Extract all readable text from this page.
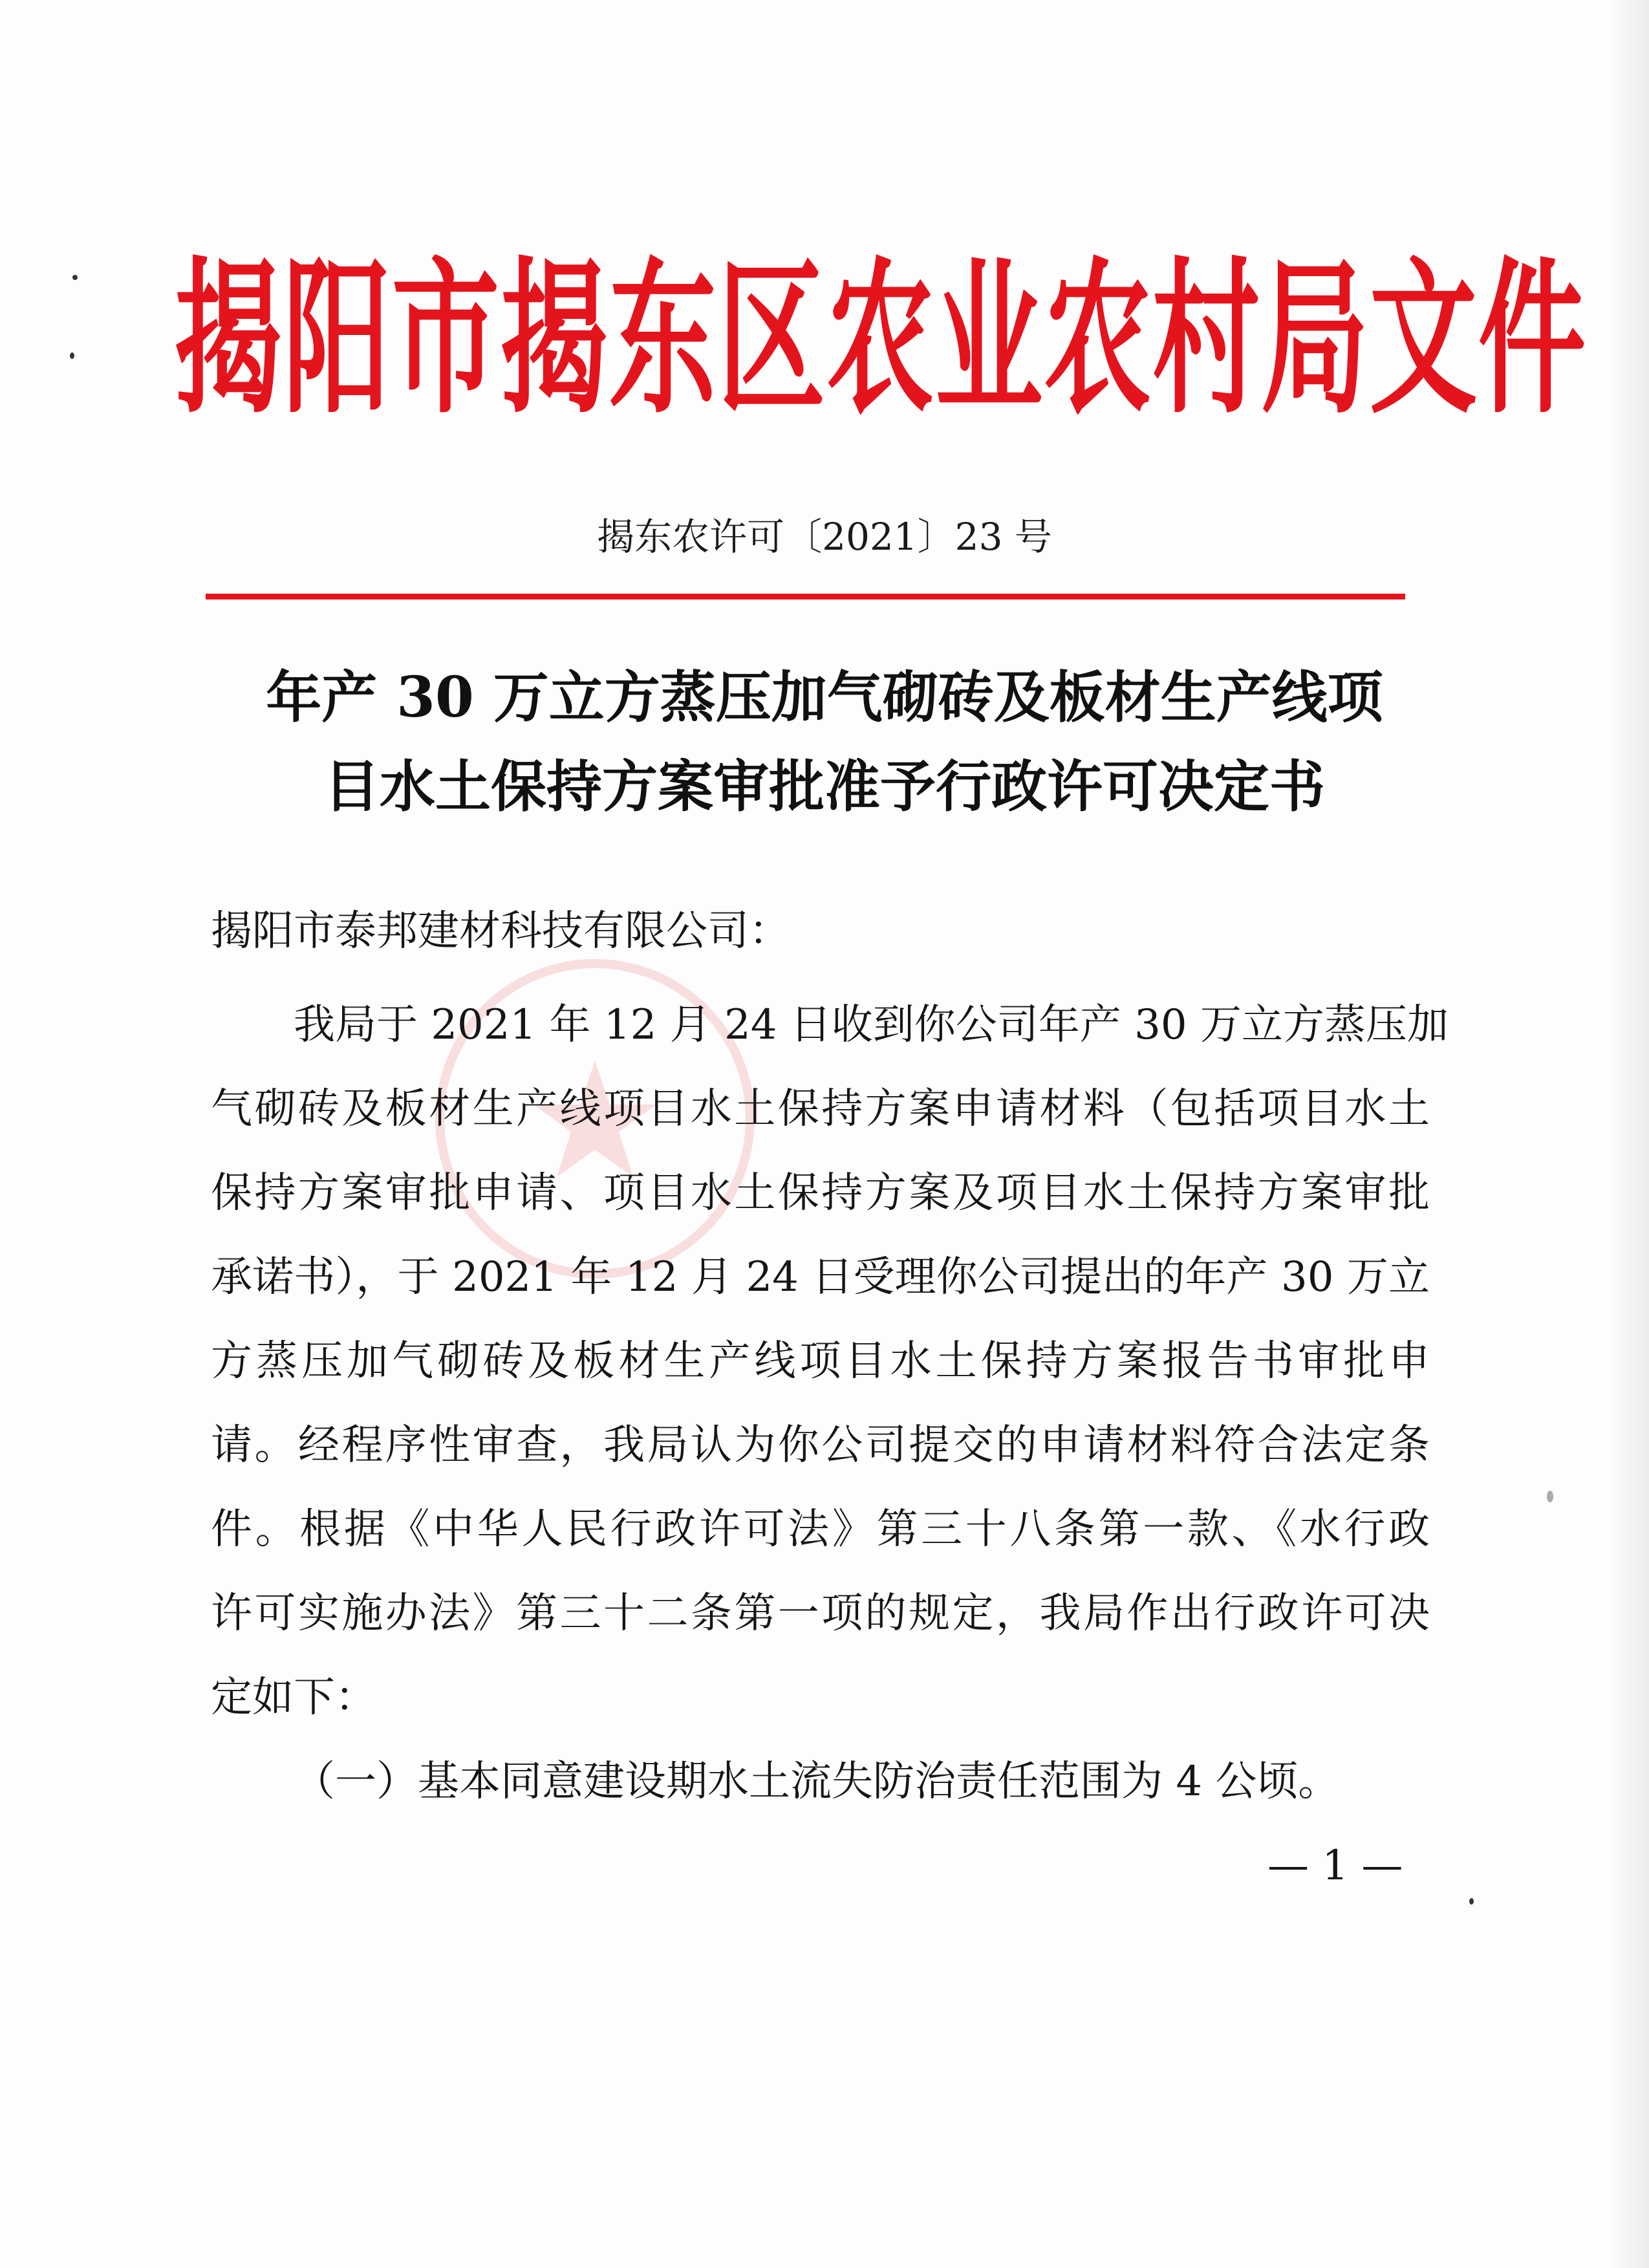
揭阳市揭东区农业农村局文件
揭东农许可〔2021〕23 号
年产 30 万立方蒸压加气砌砖及板材生产线项
目水土保持方案审批准予行政许可决定书
揭阳市泰邦建材科技有限公司：
我局于 2021 年 12 月 24 日收到你公司年产 30 万立方蒸压加
气砌砖及板材生产线项目水土保持方案申请材料（包括项目水土
保持方案审批申请、项目水土保持方案及项目水土保持方案审批
承诺书），于 2021 年 12 月 24 日受理你公司提出的年产 30 万立
方蒸压加气砌砖及板材生产线项目水土保持方案报告书审批申
请。经程序性审查，我局认为你公司提交的申请材料符合法定条
件。根据《中华人民行政许可法》第三十八条第一款、《水行政
许可实施办法》第三十二条第一项的规定，我局作出行政许可决
定如下：
（一）基本同意建设期水土流失防治责任范围为 4 公顷。
— 1 —
